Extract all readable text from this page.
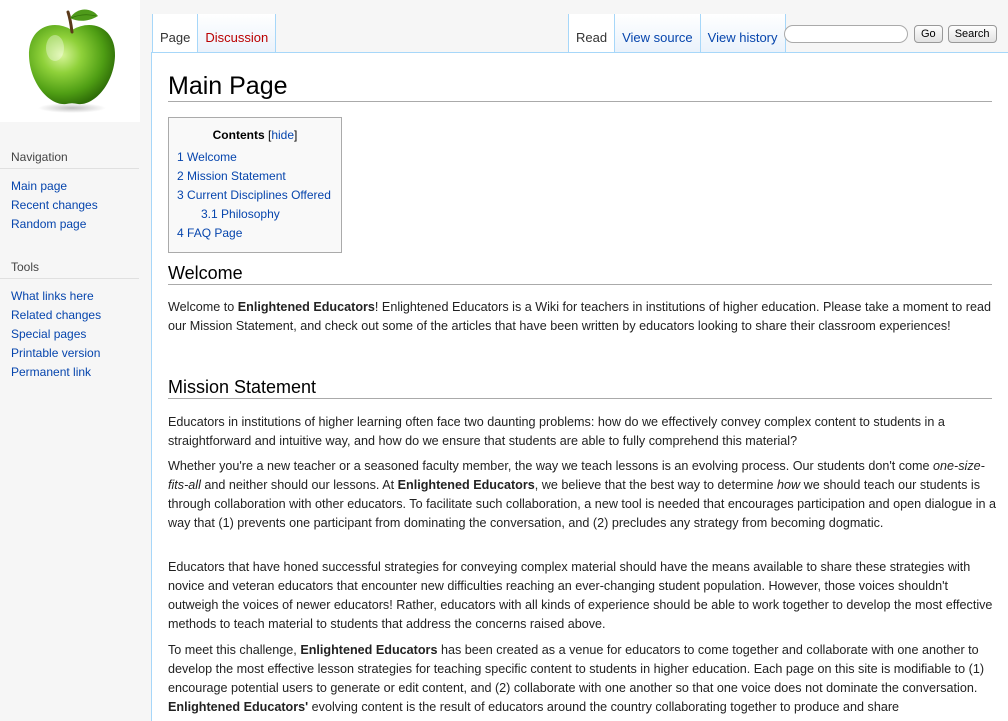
Navigation
Main page
Recent changes
Random page
Tools
What links here
Related changes
Special pages
Printable version
Permanent link
Page	Discussion	Read	View source	View history	Go	Search
Main Page
Contents [hide]
1 Welcome
2 Mission Statement
3 Current Disciplines Offered
3.1 Philosophy
4 FAQ Page
Welcome

Welcome to Enlightened Educators! Enlightened Educators is a Wiki for teachers in institutions of higher education. Please take a moment to read our Mission Statement, and check out some of the articles that have been written by educators looking to share their classroom experiences!

Mission Statement

Educators in institutions of higher learning often face two daunting problems: how do we effectively convey complex content to students in a straightforward and intuitive way, and how do we ensure that students are able to fully comprehend this material?

Whether you're a new teacher or a seasoned faculty member, the way we teach lessons is an evolving process. Our students don't come one-size-fits-all and neither should our lessons. At Enlightened Educators, we believe that the best way to determine how we should teach our students is through collaboration with other educators. To facilitate such collaboration, a new tool is needed that encourages participation and open dialogue in a way that (1) prevents one participant from dominating the conversation, and (2) precludes any strategy from becoming dogmatic.

Educators that have honed successful strategies for conveying complex material should have the means available to share these strategies with novice and veteran educators that encounter new difficulties reaching an ever-changing student population. However, those voices shouldn't outweigh the voices of newer educators! Rather, educators with all kinds of experience should be able to work together to develop the most effective methods to teach material to students that address the concerns raised above.

To meet this challenge, Enlightened Educators has been created as a venue for educators to come together and collaborate with one another to develop the most effective lesson strategies for teaching specific content to students in higher education. Each page on this site is modifiable to (1) encourage potential users to generate or edit content, and (2) collaborate with one another so that one voice does not dominate the conversation. Enlightened Educators' evolving content is the result of educators around the country collaborating together to produce and share
